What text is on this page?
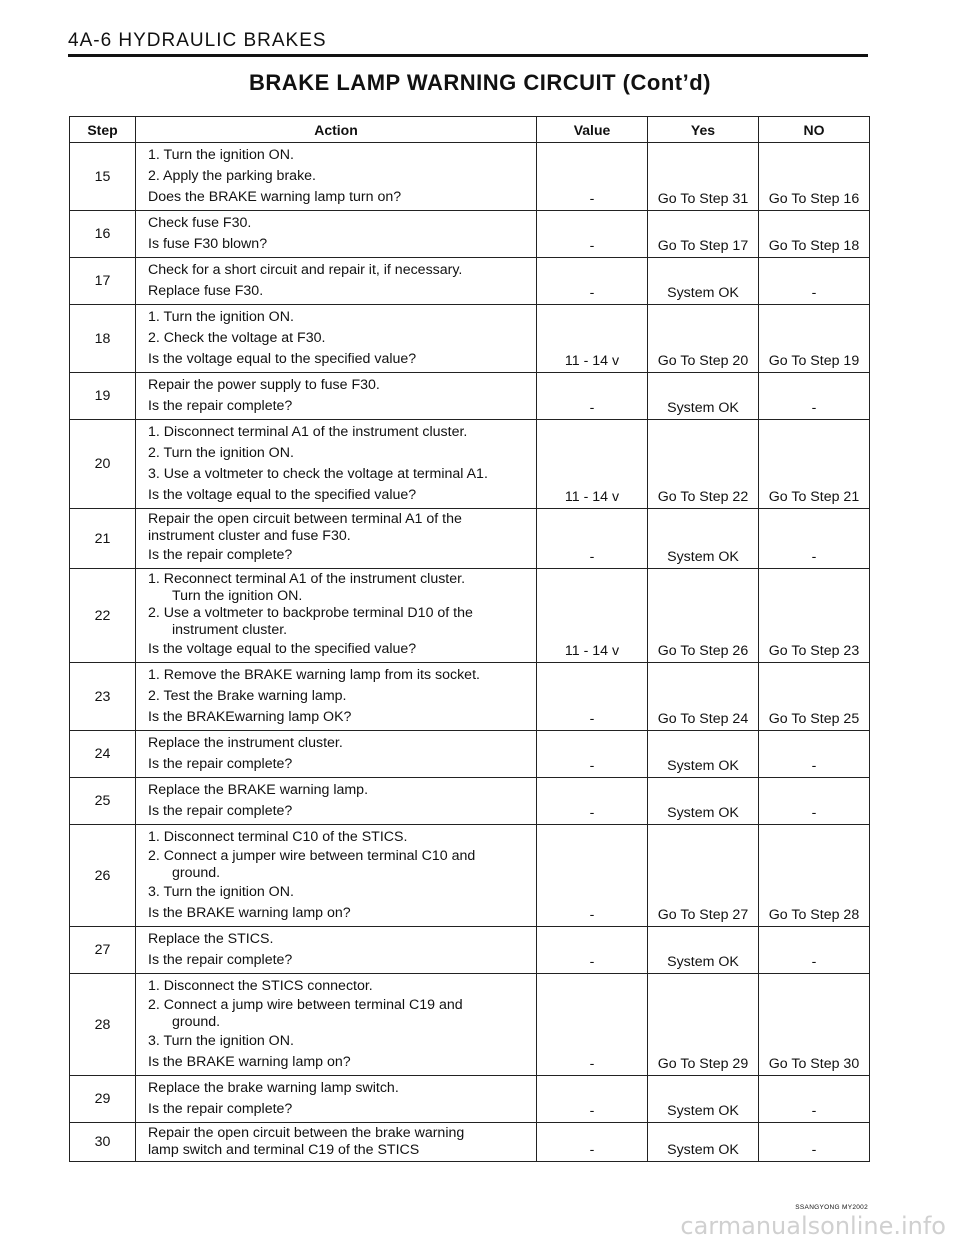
4A-6 HYDRAULIC BRAKES
BRAKE LAMP WARNING CIRCUIT (Cont’d)
Step	Action	Value	Yes	NO
15	1. Turn the ignition ON.
2. Apply the parking brake.
Does the BRAKE warning lamp turn on?	-	Go To Step 31	Go To Step 16
16	Check fuse F30.
Is fuse F30 blown?	-	Go To Step 17	Go To Step 18
17	Check for a short circuit and repair it, if necessary.
Replace fuse F30.	-	System OK	-
18	1. Turn the ignition ON.
2. Check the voltage at F30.
Is the voltage equal to the specified value?	11 - 14 v	Go To Step 20	Go To Step 19
19	Repair the power supply to fuse F30.
Is the repair complete?	-	System OK	-
20	1. Disconnect terminal A1 of the instrument cluster.
2. Turn the ignition ON.
3. Use a voltmeter to check the voltage at terminal A1.
Is the voltage equal to the specified value?	11 - 14 v	Go To Step 22	Go To Step 21
21	Repair the open circuit between terminal A1 of the
instrument cluster and fuse F30.
Is the repair complete?	-	System OK	-
22	1. Reconnect terminal A1 of the instrument cluster.
Turn the ignition ON.
2. Use a voltmeter to backprobe terminal D10 of the
instrument cluster.
Is the voltage equal to the specified value?	11 - 14 v	Go To Step 26	Go To Step 23
23	1. Remove the BRAKE warning lamp from its socket.
2. Test the Brake warning lamp.
Is the BRAKEwarning lamp OK?	-	Go To Step 24	Go To Step 25
24	Replace the instrument cluster.
Is the repair complete?	-	System OK	-
25	Replace the BRAKE warning lamp.
Is the repair complete?	-	System OK	-
26	1. Disconnect terminal C10 of the STICS.
2. Connect a jumper wire between terminal C10 and
ground.
3. Turn the ignition ON.
Is the BRAKE warning lamp on?	-	Go To Step 27	Go To Step 28
27	Replace the STICS.
Is the repair complete?	-	System OK	-
28	1. Disconnect the STICS connector.
2. Connect a jump wire between terminal C19 and
ground.
3. Turn the ignition ON.
Is the BRAKE warning lamp on?	-	Go To Step 29	Go To Step 30
29	Replace the brake warning lamp switch.
Is the repair complete?	-	System OK	-
30	Repair the open circuit between the brake warning
lamp switch and terminal C19 of the STICS	-	System OK	-
SSANGYONG MY2002
carmanualsonline.info
